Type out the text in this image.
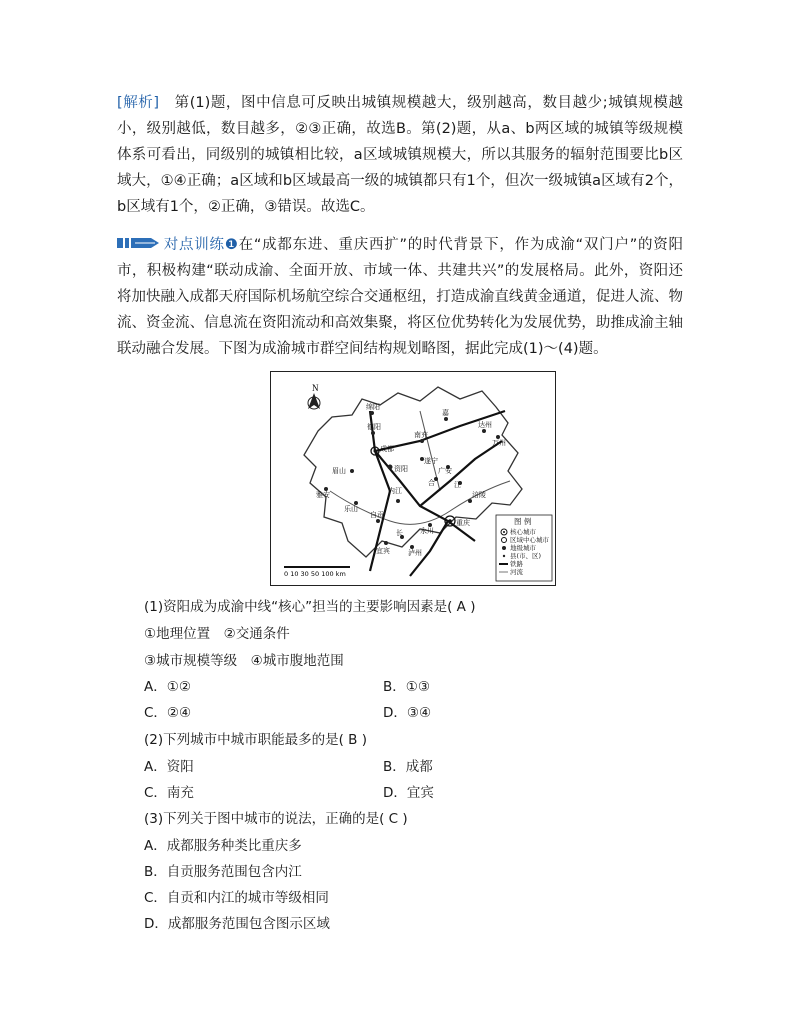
[解析]　第(1)题，图中信息可反映出城镇规模越大，级别越高，数目越少;城镇规模越小，级别越低，数目越多，②③正确，故选B。第(2)题，从a、b两区域的城镇等级规模体系可看出，同级别的城镇相比较，a区域城镇规模大，所以其服务的辐射范围要比b区域大，①④正确；a区域和b区域最高一级的城镇都只有1个，但次一级城镇a区域有2个，b区域有1个，②正确，③错误。故选C。
对点训练❶在“成都东进、重庆西扩”的时代背景下，作为成渝“双门户”的资阳市，积极构建“联动成渝、全面开放、市域一体、共建共兴”的发展格局。此外，资阳还将加快融入成都天府国际机场航空综合交通枢纽，打造成渝直线黄金通道，促进人流、物流、资金流、信息流在资阳流动和高效集聚，将区位优势转化为发展优势，助推成渝主轴联动融合发展。下图为成渝城市群空间结构规划略图，据此完成(1)～(4)题。
N
绵阳
德阳
成都
眉山
雅安
乐山
资阳
内江
自贡
宜宾	泸州
遂宁
南充
达州
重庆
永川
涪陵
嘉
广安
长
江
万州
合
图 例
核心城市
区域中心城市
地级城市
县(市、区)
铁路
河流
0 10 30 50 100 km
(1)资阳成为成渝中线“核心”担当的主要影响因素是( A )
①地理位置　②交通条件
③城市规模等级　④城市腹地范围
A．①②	B．①③
C．②④	D．③④
(2)下列城市中城市职能最多的是( B )
A．资阳	B．成都
C．南充	D．宜宾
(3)下列关于图中城市的说法，正确的是( C )
A．成都服务种类比重庆多
B．自贡服务范围包含内江
C．自贡和内江的城市等级相同
D．成都服务范围包含图示区域
